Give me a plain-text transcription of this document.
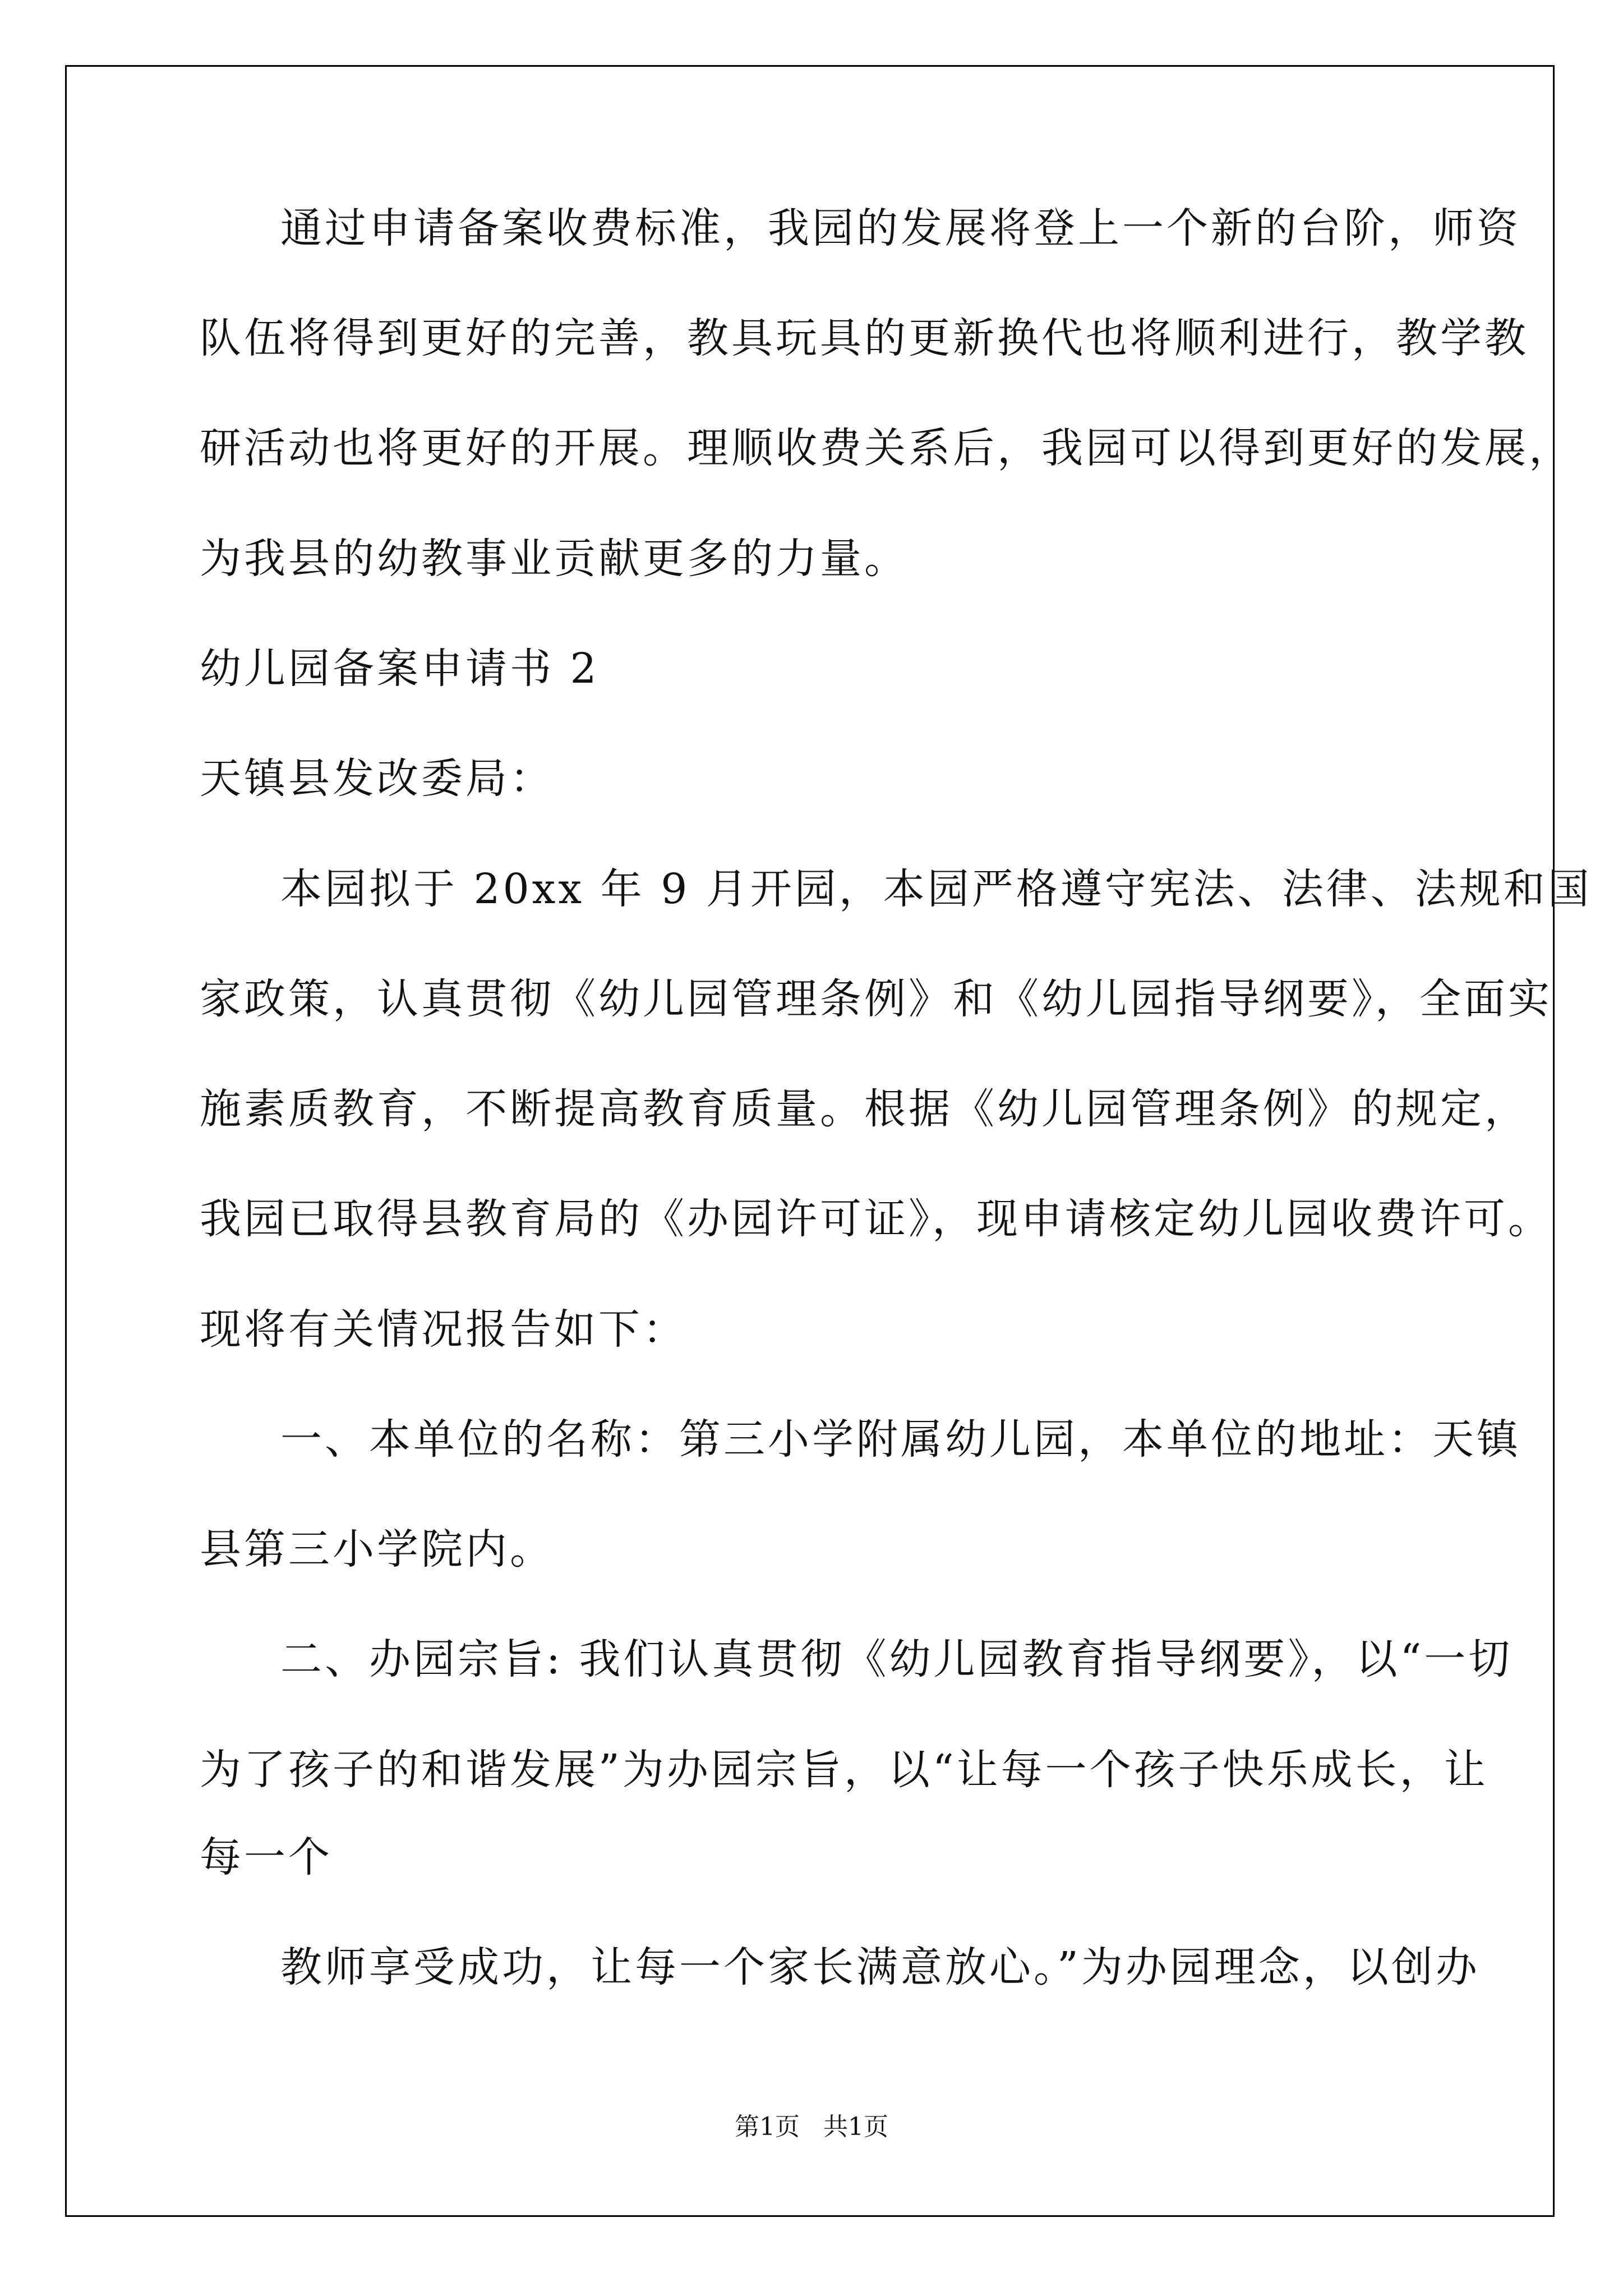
通过申请备案收费标准，我园的发展将登上一个新的台阶，师资

队伍将得到更好的完善，教具玩具的更新换代也将顺利进行，教学教

研活动也将更好的开展。理顺收费关系后，我园可以得到更好的发展，

为我县的幼教事业贡献更多的力量。

幼儿园备案申请书 2

天镇县发改委局：

本园拟于 20xx 年 9 月开园，本园严格遵守宪法、法律、法规和国

家政策，认真贯彻《幼儿园管理条例》和《幼儿园指导纲要》，全面实

施素质教育，不断提高教育质量。根据《幼儿园管理条例》的规定，

我园已取得县教育局的《办园许可证》，现申请核定幼儿园收费许可。

现将有关情况报告如下：

一、本单位的名称：第三小学附属幼儿园，本单位的地址：天镇

县第三小学院内。

二、办园宗旨: 我们认真贯彻《幼儿园教育指导纲要》，以“一切

为了孩子的和谐发展”为办园宗旨，以“让每一个孩子快乐成长，让

每一个

教师享受成功，让每一个家长满意放心。”为办园理念，以创办

第1页 共1页
